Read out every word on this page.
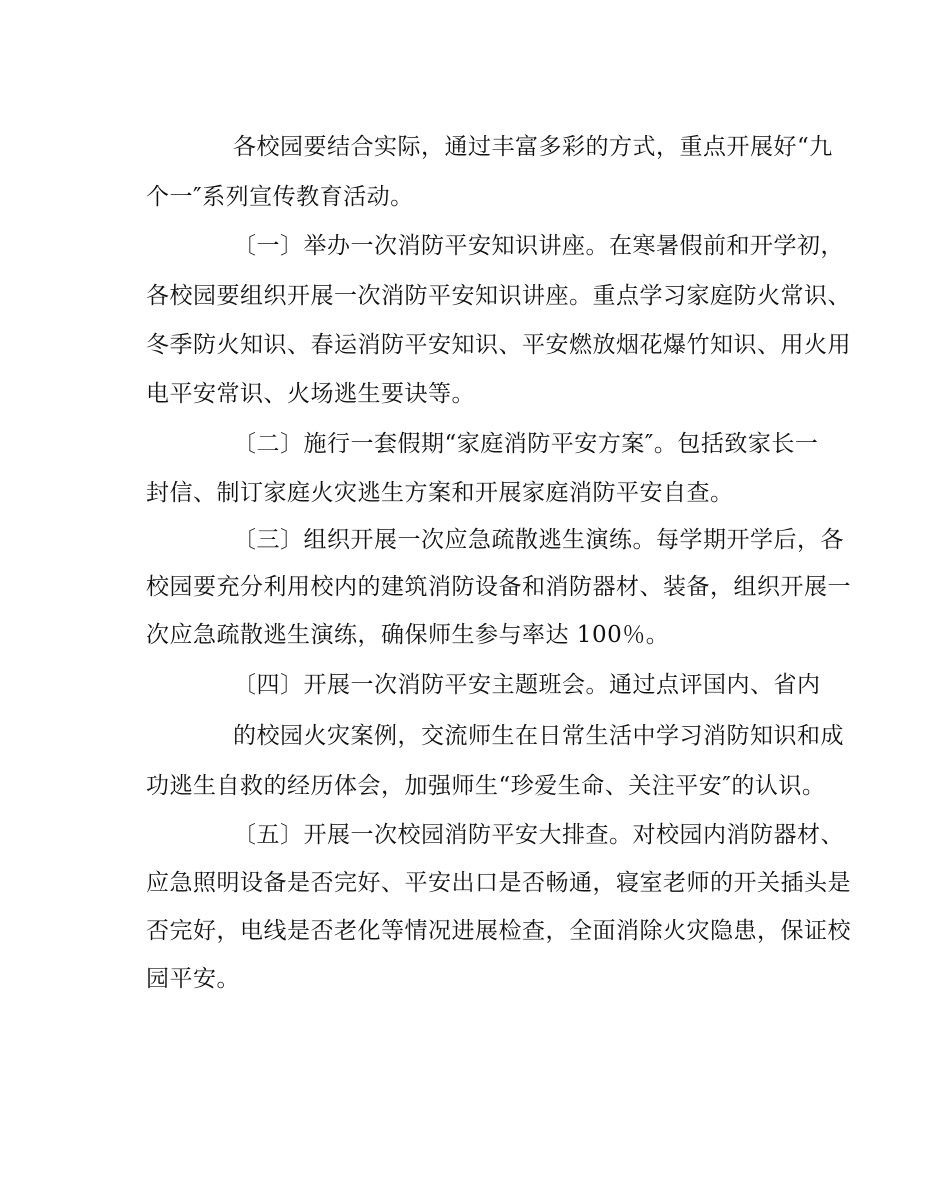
各校园要结合实际，通过丰富多彩的方式，重点开展好“九
个一″系列宣传教育活动。
〔一〕举办一次消防平安知识讲座。在寒暑假前和开学初，
各校园要组织开展一次消防平安知识讲座。重点学习家庭防火常识、
冬季防火知识、春运消防平安知识、平安燃放烟花爆竹知识、用火用
电平安常识、火场逃生要诀等。
〔二〕施行一套假期“家庭消防平安方案″。包括致家长一
封信、制订家庭火灾逃生方案和开展家庭消防平安自查。
〔三〕组织开展一次应急疏散逃生演练。每学期开学后，各
校园要充分利用校内的建筑消防设备和消防器材、装备，组织开展一
次应急疏散逃生演练，确保师生参与率达 100％。
〔四〕开展一次消防平安主题班会。通过点评国内、省内
的校园火灾案例，交流师生在日常生活中学习消防知识和成
功逃生自救的经历体会，加强师生“珍爱生命、关注平安″的认识。
〔五〕开展一次校园消防平安大排查。对校园内消防器材、
应急照明设备是否完好、平安出口是否畅通，寝室老师的开关插头是
否完好，电线是否老化等情况进展检查，全面消除火灾隐患，保证校
园平安。
